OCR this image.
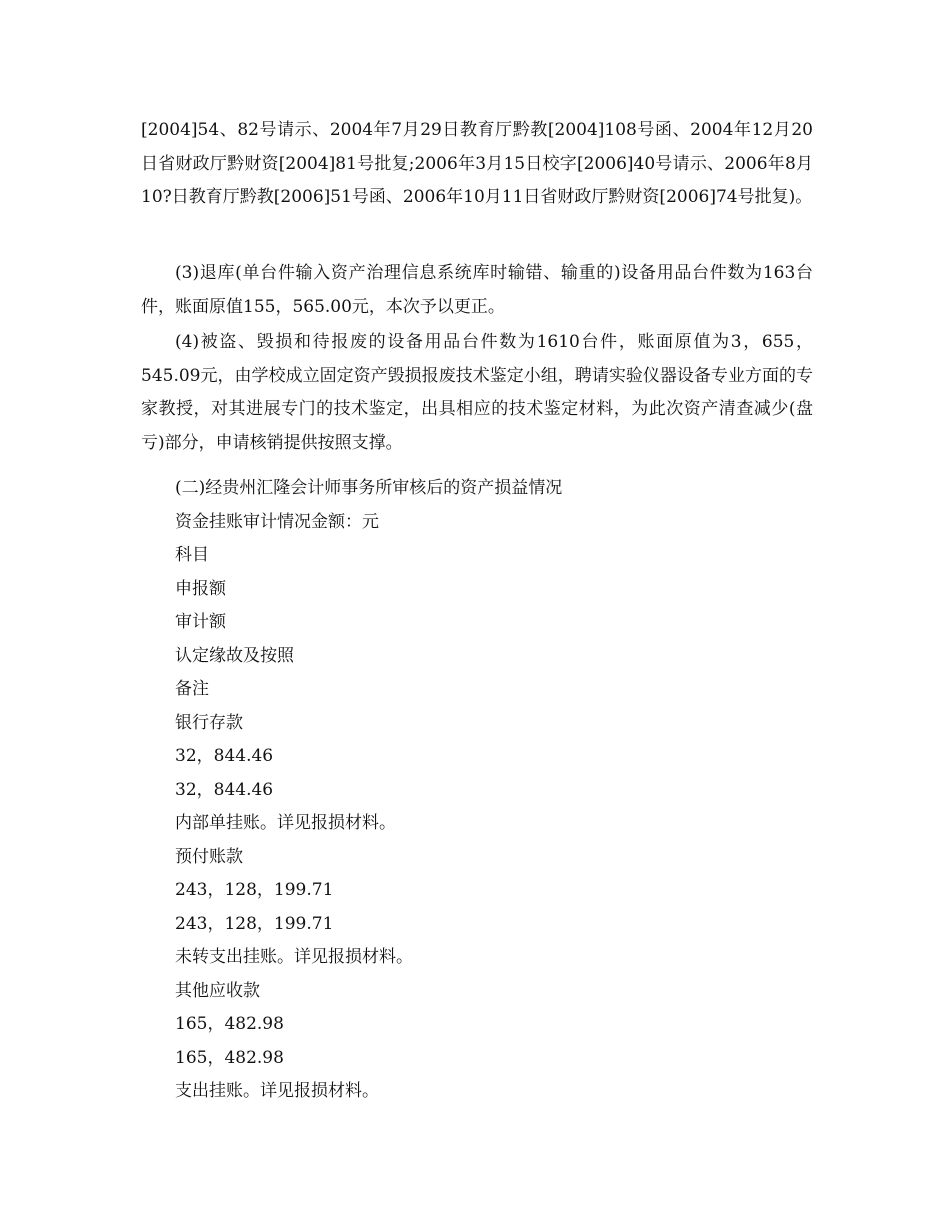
[2004]54、82号请示、2004年7月29日教育厅黔教[2004]108号函、2004年12月20日省财政厅黔财资[2004]81号批复;2006年3月15日校字[2006]40号请示、2006年8月10?日教育厅黔教[2006]51号函、2006年10月11日省财政厅黔财资[2006]74号批复)。

(3)退库(单台件输入资产治理信息系统库时输错、输重的)设备用品台件数为163台件，账面原值155，565.00元，本次予以更正。

(4)被盗、毁损和待报废的设备用品台件数为1610台件，账面原值为3，655，545.09元，由学校成立固定资产毁损报废技术鉴定小组，聘请实验仪器设备专业方面的专家教授，对其进展专门的技术鉴定，出具相应的技术鉴定材料，为此次资产清查减少(盘亏)部分，申请核销提供按照支撑。

(二)经贵州汇隆会计师事务所审核后的资产损益情况

资金挂账审计情况金额：元

科目

申报额

审计额

认定缘故及按照

备注

银行存款

32，844.46

32，844.46

内部单挂账。详见报损材料。

预付账款

243，128，199.71

243，128，199.71

未转支出挂账。详见报损材料。

其他应收款

165，482.98

165，482.98

支出挂账。详见报损材料。
